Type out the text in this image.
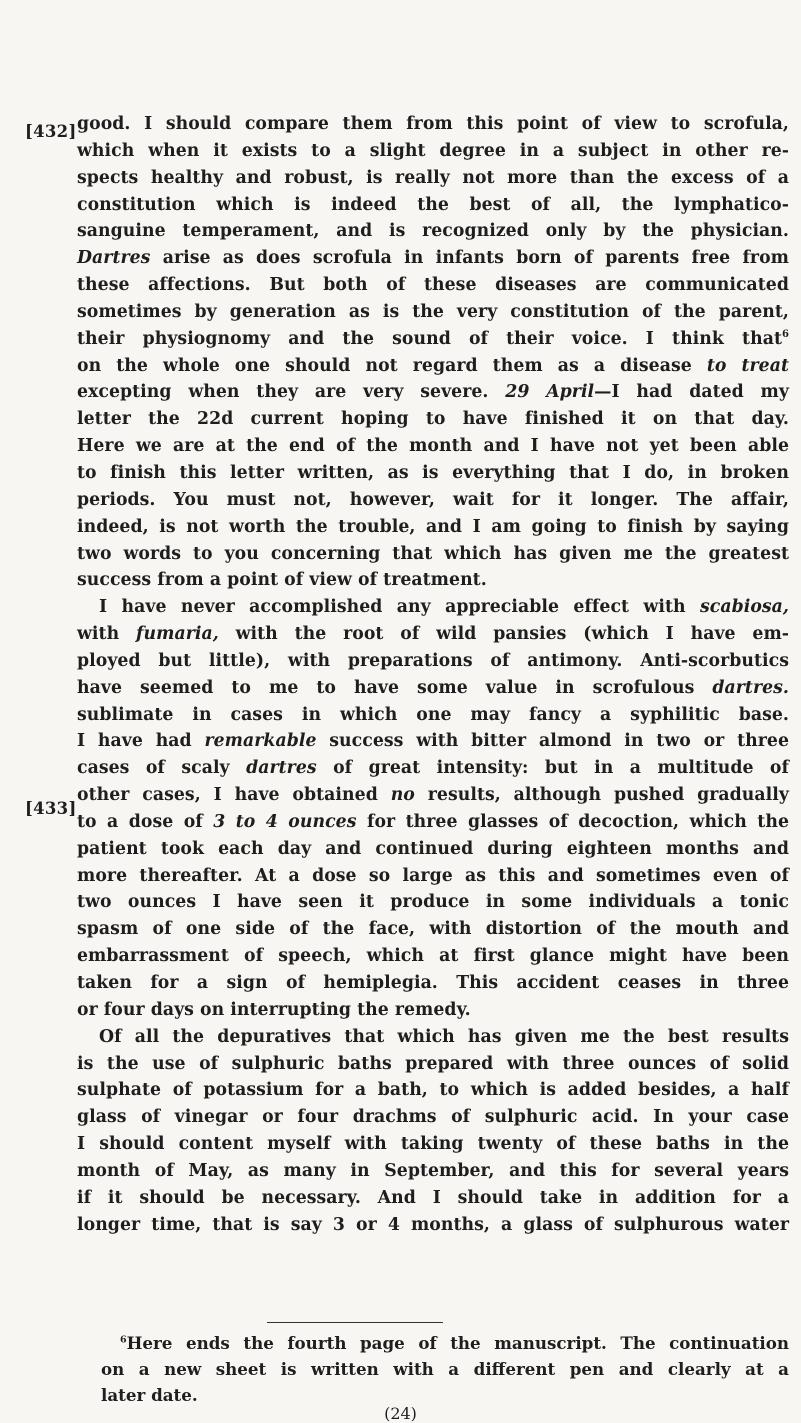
[432]
[433]
good. I should compare them from this point of view to scrofula,
which when it exists to a slight degree in a subject in other re-
spects healthy and robust, is really not more than the excess of a
constitution which is indeed the best of all, the lymphatico-
sanguine temperament, and is recognized only by the physician.
Dartres arise as does scrofula in infants born of parents free from
these affections. But both of these diseases are communicated
sometimes by generation as is the very constitution of the parent,
their physiognomy and the sound of their voice. I think that$^6$
on the whole one should not regard them as a disease to treat
excepting when they are very severe. 29 April—I had dated my
letter the 22d current hoping to have finished it on that day.
Here we are at the end of the month and I have not yet been able
to finish this letter written, as is everything that I do, in broken
periods. You must not, however, wait for it longer. The affair,
indeed, is not worth the trouble, and I am going to finish by saying
two words to you concerning that which has given me the greatest
success from a point of view of treatment.
I have never accomplished any appreciable effect with scabiosa,
with fumaria, with the root of wild pansies (which I have em-
ployed but little), with preparations of antimony. Anti-scorbutics
have seemed to me to have some value in scrofulous dartres.
sublimate in cases in which one may fancy a syphilitic base.
I have had remarkable success with bitter almond in two or three
cases of scaly dartres of great intensity: but in a multitude of
other cases, I have obtained no results, although pushed gradually
to a dose of 3 to 4 ounces for three glasses of decoction, which the
patient took each day and continued during eighteen months and
more thereafter. At a dose so large as this and sometimes even of
two ounces I have seen it produce in some individuals a tonic
spasm of one side of the face, with distortion of the mouth and
embarrassment of speech, which at first glance might have been
taken for a sign of hemiplegia. This accident ceases in three
or four days on interrupting the remedy.
Of all the depuratives that which has given me the best results
is the use of sulphuric baths prepared with three ounces of solid
sulphate of potassium for a bath, to which is added besides, a half
glass of vinegar or four drachms of sulphuric acid. In your case
I should content myself with taking twenty of these baths in the
month of May, as many in September, and this for several years
if it should be necessary. And I should take in addition for a
longer time, that is say 3 or 4 months, a glass of sulphurous water
$^6$Here ends the fourth page of the manuscript. The continuation
on a new sheet is written with a different pen and clearly at a
later date.
(24)
